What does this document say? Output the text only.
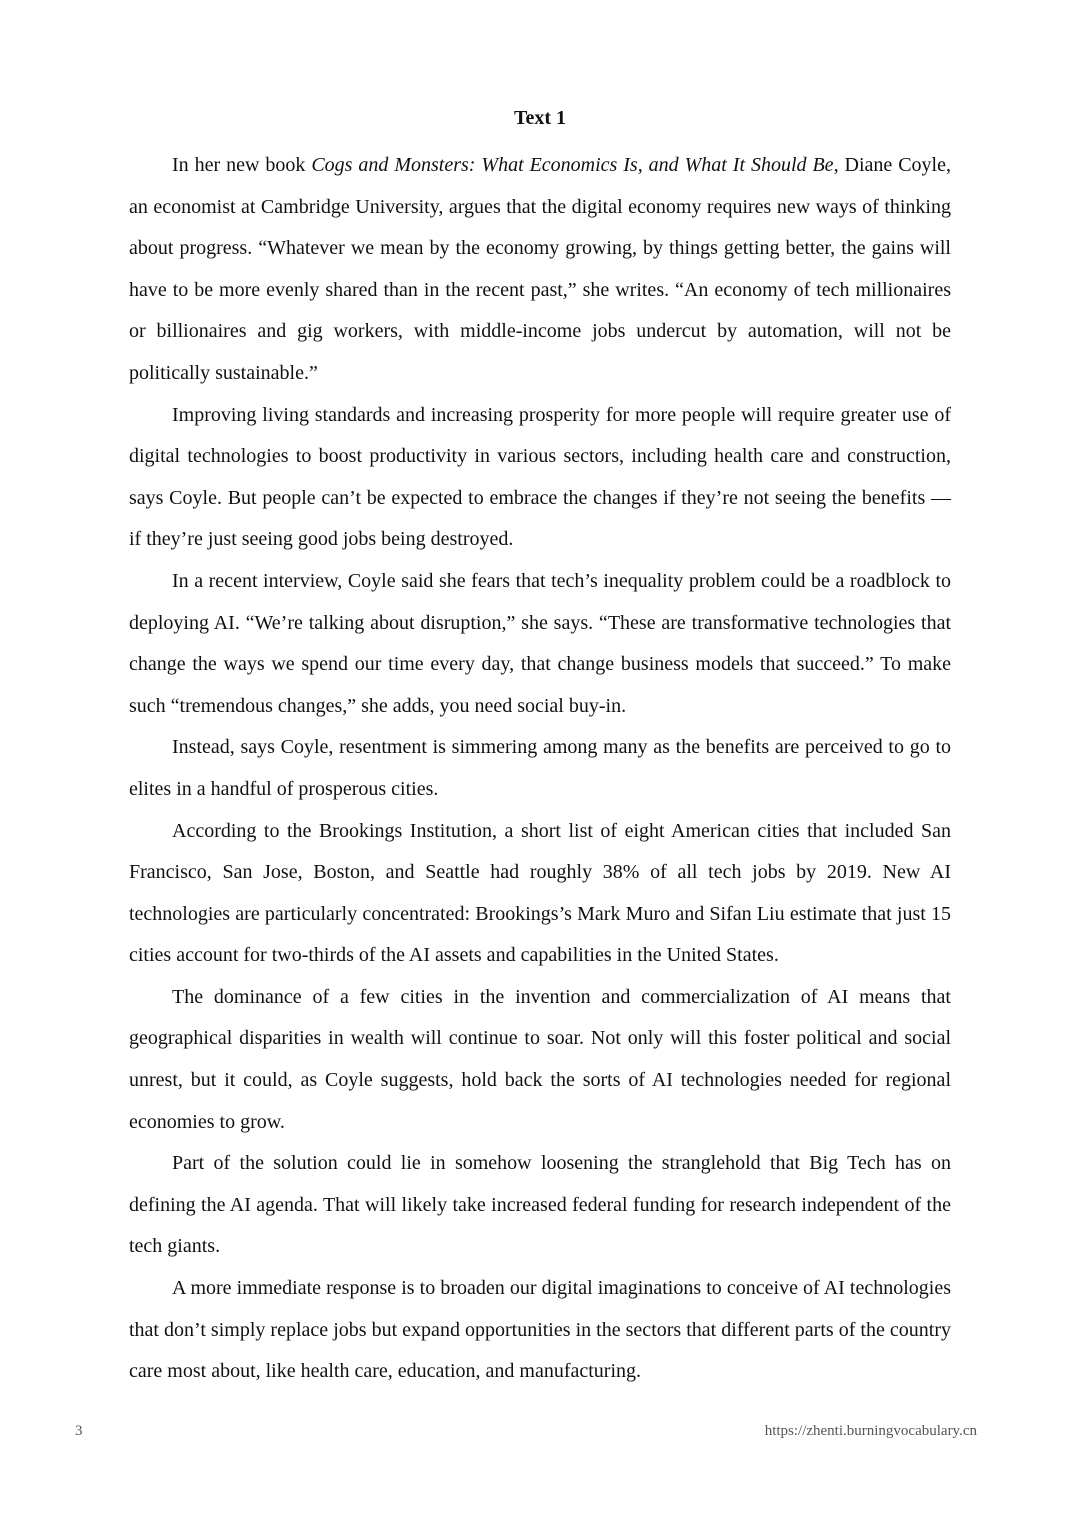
Text 1

In her new book Cogs and Monsters: What Economics Is, and What It Should Be, Diane Coyle, an economist at Cambridge University, argues that the digital economy requires new ways of thinking about progress. “Whatever we mean by the economy growing, by things getting better, the gains will have to be more evenly shared than in the recent past,” she writes. “An economy of tech millionaires or billionaires and gig workers, with middle-income jobs undercut by automation, will not be politically sustainable.”

Improving living standards and increasing prosperity for more people will require greater use of digital technologies to boost productivity in various sectors, including health care and construction, says Coyle. But people can’t be expected to embrace the changes if they’re not seeing the benefits — if they’re just seeing good jobs being destroyed.

In a recent interview, Coyle said she fears that tech’s inequality problem could be a roadblock to deploying AI. “We’re talking about disruption,” she says. “These are transformative technologies that change the ways we spend our time every day, that change business models that succeed.” To make such “tremendous changes,” she adds, you need social buy-in.

Instead, says Coyle, resentment is simmering among many as the benefits are perceived to go to elites in a handful of prosperous cities.

According to the Brookings Institution, a short list of eight American cities that included San Francisco, San Jose, Boston, and Seattle had roughly 38% of all tech jobs by 2019. New AI technologies are particularly concentrated: Brookings’s Mark Muro and Sifan Liu estimate that just 15 cities account for two-thirds of the AI assets and capabilities in the United States.

The dominance of a few cities in the invention and commercialization of AI means that geographical disparities in wealth will continue to soar. Not only will this foster political and social unrest, but it could, as Coyle suggests, hold back the sorts of AI technologies needed for regional economies to grow.

Part of the solution could lie in somehow loosening the stranglehold that Big Tech has on defining the AI agenda. That will likely take increased federal funding for research independent of the tech giants.

A more immediate response is to broaden our digital imaginations to conceive of AI technologies that don’t simply replace jobs but expand opportunities in the sectors that different parts of the country care most about, like health care, education, and manufacturing.

3	https://zhenti.burningvocabulary.cn
